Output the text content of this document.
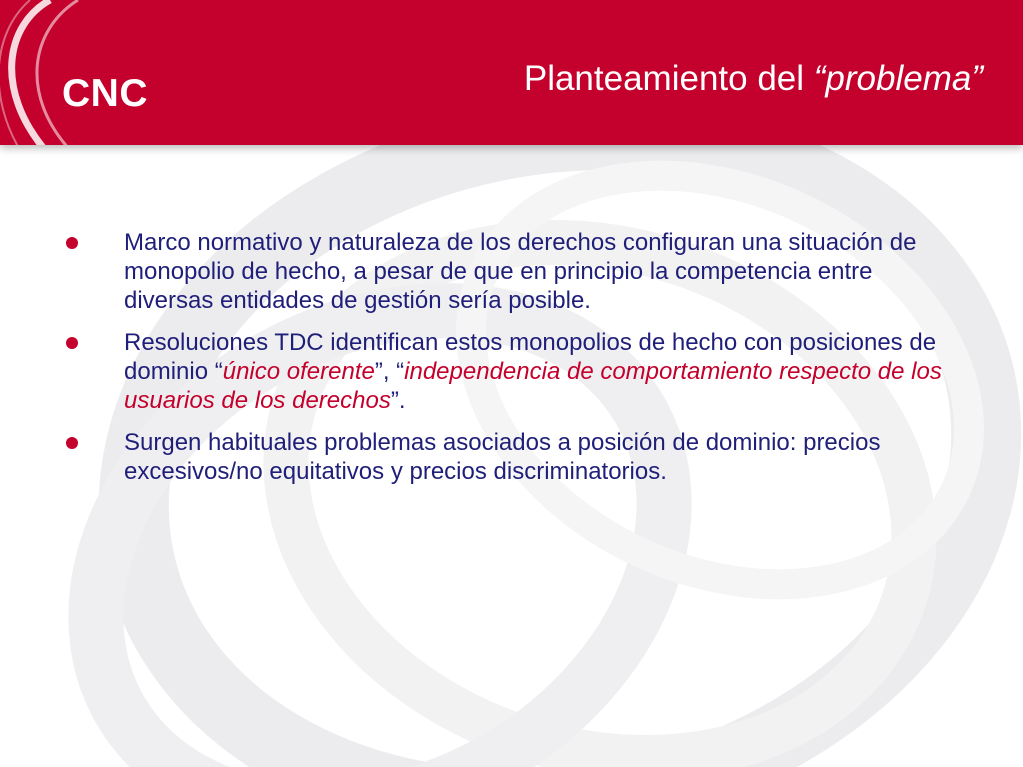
CNC	Planteamiento del “problema”
Marco normativo y naturaleza de los derechos configuran una situación de monopolio de hecho, a pesar de que en principio la competencia entre diversas entidades de gestión sería posible.
Resoluciones TDC identifican estos monopolios de hecho con posiciones de dominio “único oferente”, “independencia de comportamiento respecto de los usuarios de los derechos”.
Surgen habituales problemas asociados a posición de dominio: precios excesivos/no equitativos y precios discriminatorios.
